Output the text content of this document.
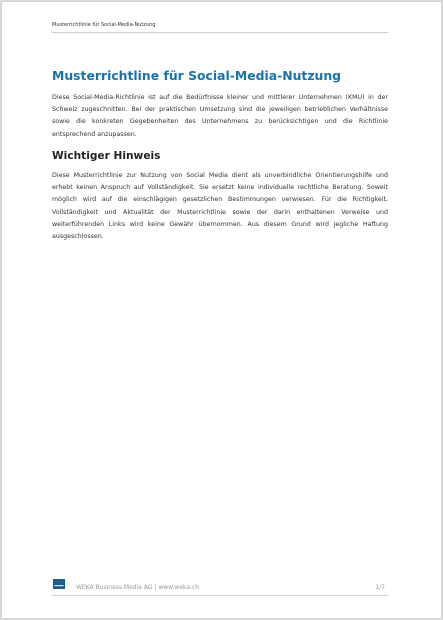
Musterrichtlinie für Social-Media-Nutzung
Musterrichtline für Social-Media-Nutzung

Diese Social-Media-Richtlinie ist auf die Bedürfnisse kleiner und mittlerer Unternehmen (KMU) in der Schweiz zugeschnitten. Bei der praktischen Umsetzung sind die jeweiligen betrieblichen Verhältnisse sowie die konkreten Gegebenheiten des Unternehmens zu berücksichtigen und die Richtlinie entsprechend anzupassen.

Wichtiger Hinweis

Diese Musterrichtlinie zur Nutzung von Social Media dient als unverbindliche Orientierungshilfe und erhebt keinen Anspruch auf Vollständigkeit. Sie ersetzt keine individuelle rechtliche Beratung. Soweit möglich wird auf die einschlägigen gesetzlichen Bestimmungen verwiesen. Für die Richtigkeit, Vollständigkeit und Aktualität der Musterrichtlinie sowie der darin enthaltenen Verweise und weiterführenden Links wird keine Gewähr übernommen. Aus diesem Grund wird jegliche Haftung ausgeschlossen.

WEKA Business Media AG | www.weka.ch	1/7
